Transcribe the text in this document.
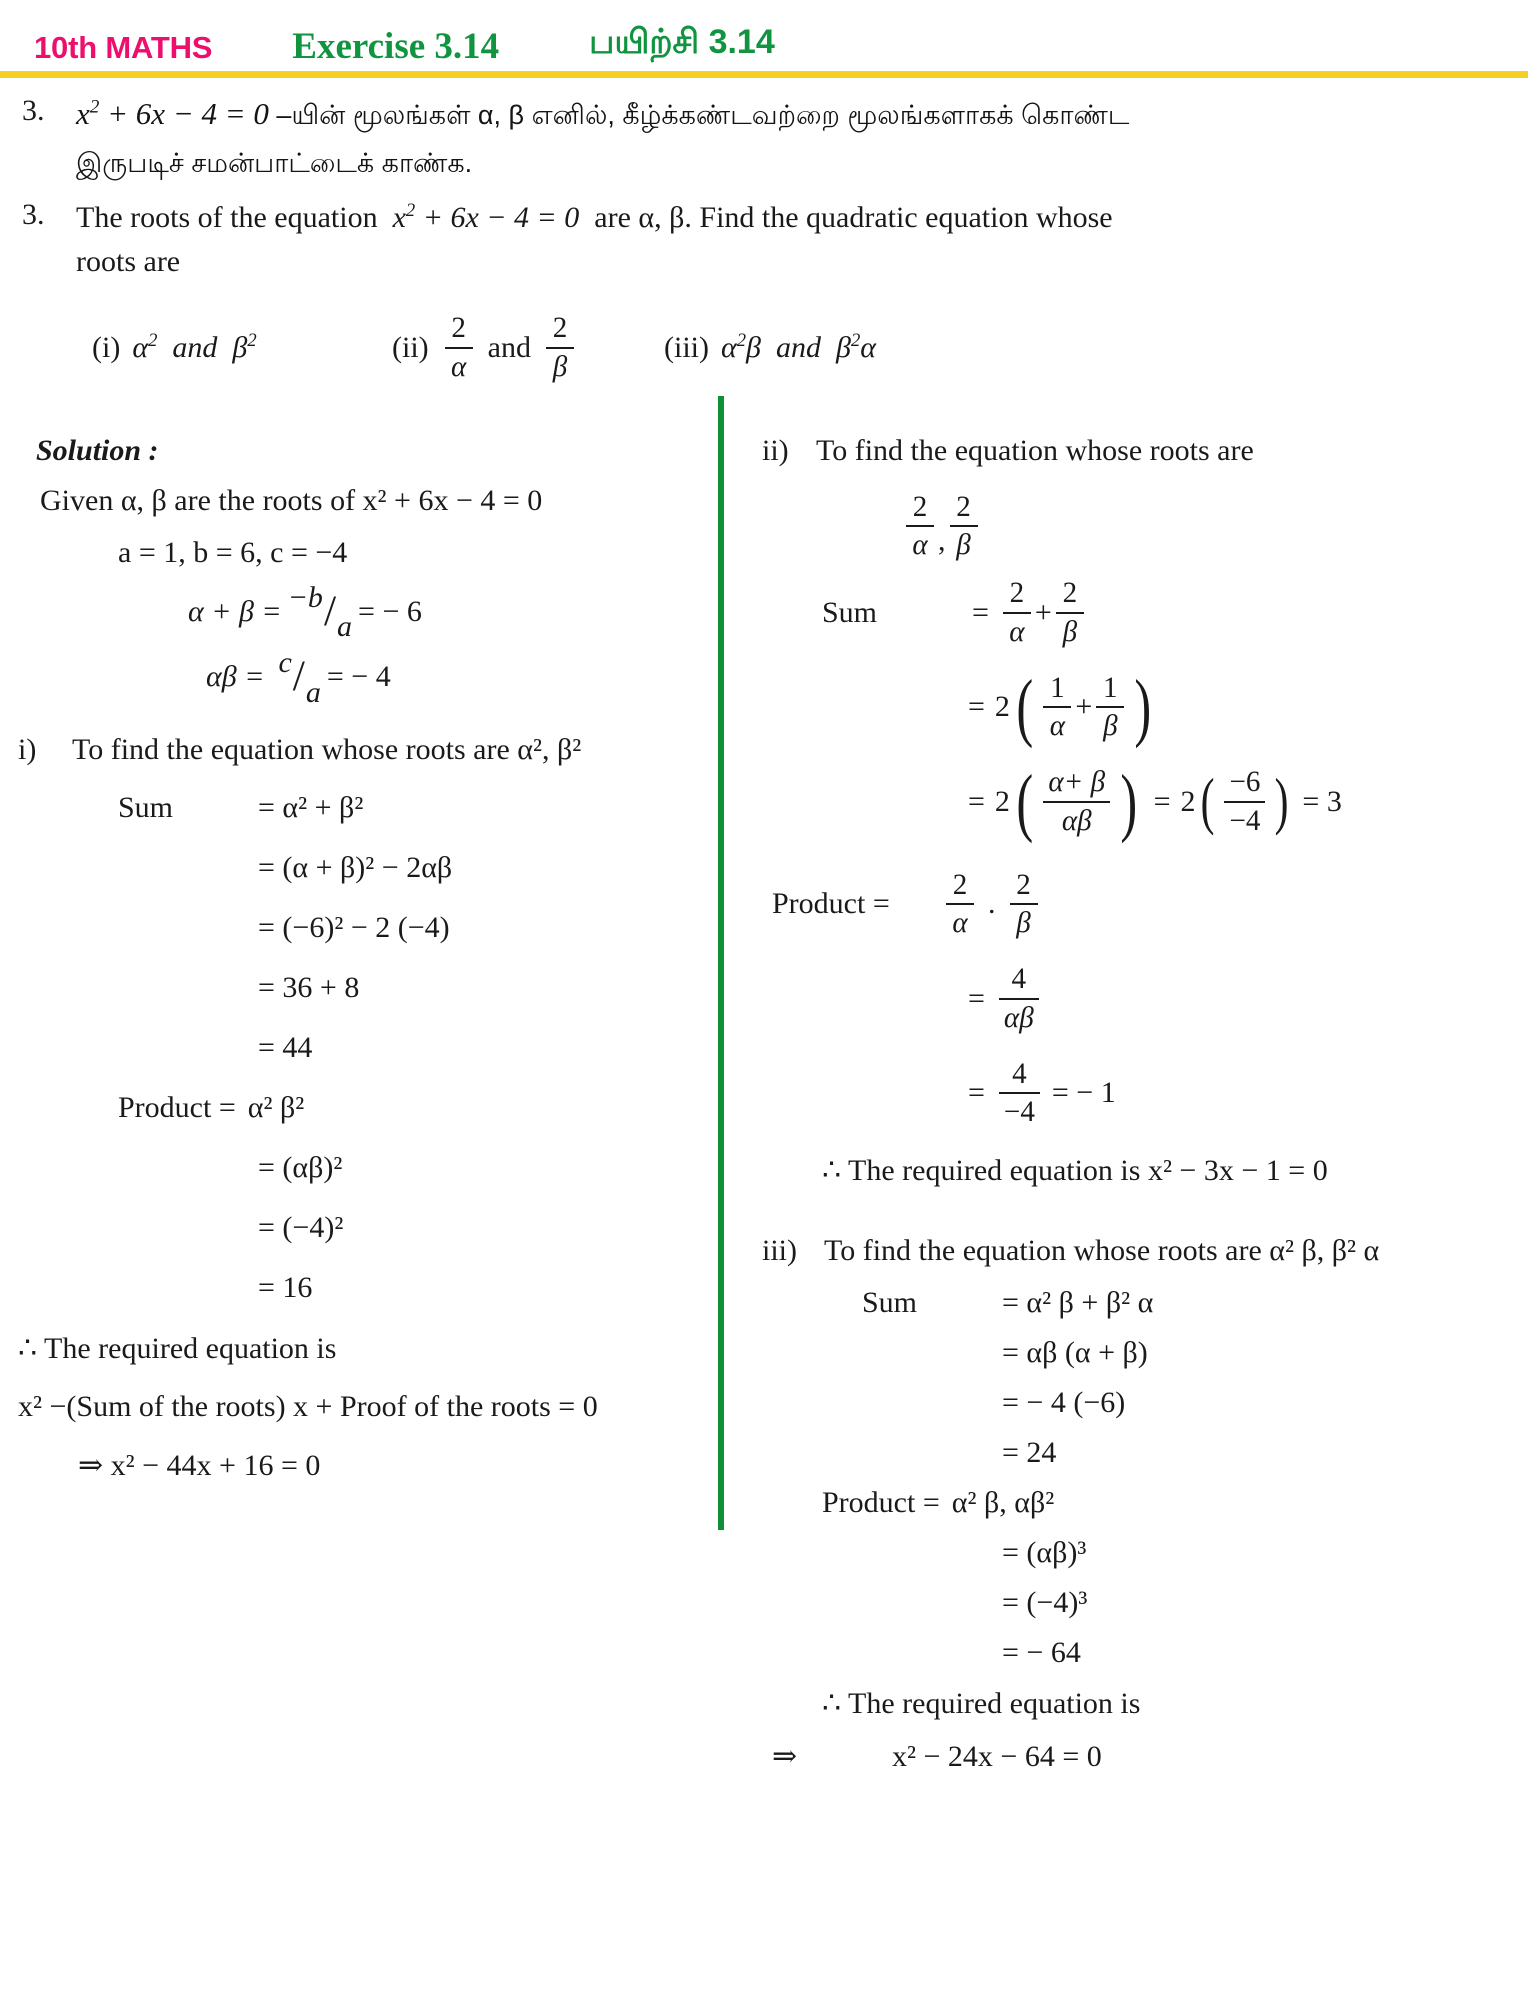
10th MATHS Exercise 3.14	பயிற்சி 3.14
3.	$x^2 + 6x - 4 = 0$ –யின் மூலங்கள் α, β எனில், கீழ்க்கண்டவற்றை மூலங்களாகக் கொண்ட
இருபடிச் சமன்பாட்டைக் காண்க.
3.	The roots of the equation  $x^2 + 6x - 4 = 0$  are α, β. Find the quadratic equation whose
roots are
(i) $\alpha^2$  and  $\beta^2$	$(ii) \frac{2}{\alpha}$ and $\frac{2}{\beta}$	(iii) $\alpha^2\beta$  and  $\beta^2\alpha$
Solution :
Given α, β are the roots of x² + 6x − 4 = 0
a = 1, b = 6, c = −4
α + β = −b / a = − 6
αβ = c / a = − 4
i)	To find the equation whose roots are α², β²
Sum	= α² + β²
= (α + β)² − 2αβ
= (−6)² − 2 (−4)
= 36 + 8
= 44
Product = α² β²
= (αβ)²
= (−4)²
= 16
∴ The required equation is
x² −(Sum of the roots) x + Proof of the roots = 0
⇒ x² − 44x + 16 = 0
ii) To find the equation whose roots are
$\frac{2}{\alpha}$ , $\frac{2}{\beta}$
Sum	= $\frac{2}{\alpha} + \frac{2}{\beta}$
= 2 ( $\frac{1}{\alpha} + \frac{1}{\beta}$ )
= 2 ( $\frac{\alpha+ \beta}{\alpha\beta}$ ) = 2 ( $\frac{-6}{-4}$ ) = 3
Product =	$\frac{2}{\alpha}$ . $\frac{2}{\beta}$
= $\frac{4}{\alpha\beta}$
= $\frac{4}{-4}$ = − 1
∴ The required equation is x² − 3x − 1 = 0
iii) To find the equation whose roots are α² β, β² α
Sum	= α² β + β² α
= αβ (α + β)
= − 4 (−6)
= 24
Product = α² β, αβ²
= (αβ)³
= (−4)³
= − 64
∴ The required equation is
⇒	x² − 24x − 64 = 0
